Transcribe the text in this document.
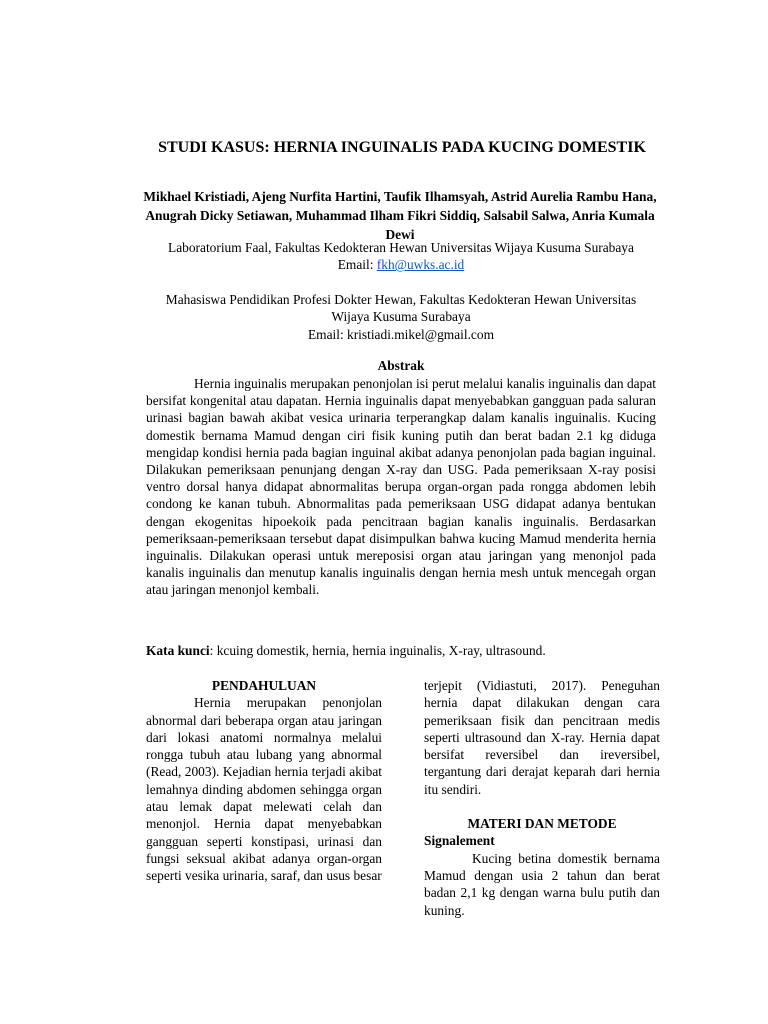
STUDI KASUS: HERNIA INGUINALIS PADA KUCING DOMESTIK
Mikhael Kristiadi, Ajeng Nurfita Hartini, Taufik Ilhamsyah, Astrid Aurelia Rambu Hana, Anugrah Dicky Setiawan, Muhammad Ilham Fikri Siddiq, Salsabil Salwa, Anria Kumala Dewi

Laboratorium Faal, Fakultas Kedokteran Hewan Universitas Wijaya Kusuma Surabaya

Email: fkh@uwks.ac.id

Mahasiswa Pendidikan Profesi Dokter Hewan, Fakultas Kedokteran Hewan Universitas Wijaya Kusuma Surabaya

Email: kristiadi.mikel@gmail.com

Abstrak
Hernia inguinalis merupakan penonjolan isi perut melalui kanalis inguinalis dan dapat bersifat kongenital atau dapatan. Hernia inguinalis dapat menyebabkan gangguan pada saluran urinasi bagian bawah akibat vesica urinaria terperangkap dalam kanalis inguinalis. Kucing domestik bernama Mamud dengan ciri fisik kuning putih dan berat badan 2.1 kg diduga mengidap kondisi hernia pada bagian inguinal akibat adanya penonjolan pada bagian inguinal. Dilakukan pemeriksaan penunjang dengan X-ray dan USG. Pada pemeriksaan X-ray posisi ventro dorsal hanya didapat abnormalitas berupa organ-organ pada rongga abdomen lebih condong ke kanan tubuh. Abnormalitas pada pemeriksaan USG didapat adanya bentukan dengan ekogenitas hipoekoik pada pencitraan bagian kanalis inguinalis. Berdasarkan pemeriksaan-pemeriksaan tersebut dapat disimpulkan bahwa kucing Mamud menderita hernia inguinalis. Dilakukan operasi untuk mereposisi organ atau jaringan yang menonjol pada kanalis inguinalis dan menutup kanalis inguinalis dengan hernia mesh untuk mencegah organ atau jaringan menonjol kembali.
Kata kunci: kcuing domestik, hernia, hernia inguinalis, X-ray, ultrasound.

PENDAHULUAN

Hernia merupakan penonjolan abnormal dari beberapa organ atau jaringan dari lokasi anatomi normalnya melalui rongga tubuh atau lubang yang abnormal (Read, 2003). Kejadian hernia terjadi akibat lemahnya dinding abdomen sehingga organ atau lemak dapat melewati celah dan menonjol. Hernia dapat menyebabkan gangguan seperti konstipasi, urinasi dan fungsi seksual akibat adanya organ-organ seperti vesika urinaria, saraf, dan usus besar

terjepit (Vidiastuti, 2017). Peneguhan hernia dapat dilakukan dengan cara pemeriksaan fisik dan pencitraan medis seperti ultrasound dan X-ray. Hernia dapat bersifat reversibel dan ireversibel, tergantung dari derajat keparah dari hernia itu sendiri.

MATERI DAN METODE

Signalement

Kucing betina domestik bernama Mamud dengan usia 2 tahun dan berat badan 2,1 kg dengan warna bulu putih dan kuning.
